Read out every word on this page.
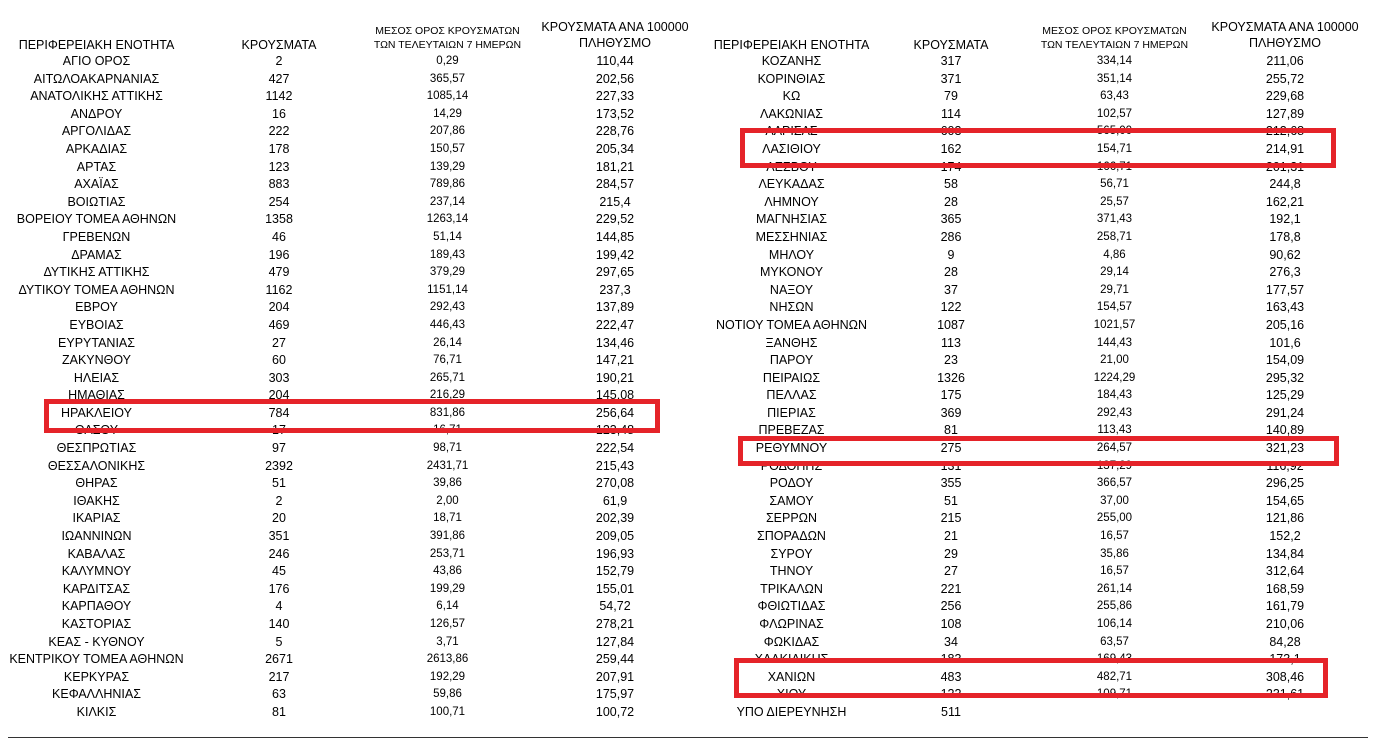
ΠΕΡΙΦΕΡΕΙΑΚΗ ΕΝΟΤΗΤΑ	ΚΡΟΥΣΜΑΤΑ
ΜΕΣΟΣ ΟΡΟΣ ΚΡΟΥΣΜΑΤΩΝ
ΤΩΝ ΤΕΛΕΥΤΑΙΩΝ 7 ΗΜΕΡΩΝ
ΚΡΟΥΣΜΑΤΑ ΑΝΑ 100000
ΠΛΗΘΥΣΜΟ
ΑΓΙΟ ΟΡΟΣ	2	0,29	110,44
ΑΙΤΩΛΟΑΚΑΡΝΑΝΙΑΣ	427	365,57	202,56
ΑΝΑΤΟΛΙΚΗΣ ΑΤΤΙΚΗΣ	1142	1085,14	227,33
ΑΝΔΡΟΥ	16	14,29	173,52
ΑΡΓΟΛΙΔΑΣ	222	207,86	228,76
ΑΡΚΑΔΙΑΣ	178	150,57	205,34
ΑΡΤΑΣ	123	139,29	181,21
ΑΧΑΪΑΣ	883	789,86	284,57
ΒΟΙΩΤΙΑΣ	254	237,14	215,4
ΒΟΡΕΙΟΥ ΤΟΜΕΑ ΑΘΗΝΩΝ	1358	1263,14	229,52
ΓΡΕΒΕΝΩΝ	46	51,14	144,85
ΔΡΑΜΑΣ	196	189,43	199,42
ΔΥΤΙΚΗΣ ΑΤΤΙΚΗΣ	479	379,29	297,65
ΔΥΤΙΚΟΥ ΤΟΜΕΑ ΑΘΗΝΩΝ	1162	1151,14	237,3
ΕΒΡΟΥ	204	292,43	137,89
ΕΥΒΟΙΑΣ	469	446,43	222,47
ΕΥΡΥΤΑΝΙΑΣ	27	26,14	134,46
ΖΑΚΥΝΘΟΥ	60	76,71	147,21
ΗΛΕΙΑΣ	303	265,71	190,21
ΗΜΑΘΙΑΣ	204	216,29	145,08
ΗΡΑΚΛΕΙΟΥ	784	831,86	256,64
ΘΑΣΟΥ	17	16,71	123,48
ΘΕΣΠΡΩΤΙΑΣ	97	98,71	222,54
ΘΕΣΣΑΛΟΝΙΚΗΣ	2392	2431,71	215,43
ΘΗΡΑΣ	51	39,86	270,08
ΙΘΑΚΗΣ	2	2,00	61,9
ΙΚΑΡΙΑΣ	20	18,71	202,39
ΙΩΑΝΝΙΝΩΝ	351	391,86	209,05
ΚΑΒΑΛΑΣ	246	253,71	196,93
ΚΑΛΥΜΝΟΥ	45	43,86	152,79
ΚΑΡΔΙΤΣΑΣ	176	199,29	155,01
ΚΑΡΠΑΘΟΥ	4	6,14	54,72
ΚΑΣΤΟΡΙΑΣ	140	126,57	278,21
ΚΕΑΣ - ΚΥΘΝΟΥ	5	3,71	127,84
ΚΕΝΤΡΙΚΟΥ ΤΟΜΕΑ ΑΘΗΝΩΝ	2671	2613,86	259,44
ΚΕΡΚΥΡΑΣ	217	192,29	207,91
ΚΕΦΑΛΛΗΝΙΑΣ	63	59,86	175,97
ΚΙΛΚΙΣ	81	100,71	100,72
ΠΕΡΙΦΕΡΕΙΑΚΗ ΕΝΟΤΗΤΑ	ΚΡΟΥΣΜΑΤΑ
ΜΕΣΟΣ ΟΡΟΣ ΚΡΟΥΣΜΑΤΩΝ
ΤΩΝ ΤΕΛΕΥΤΑΙΩΝ 7 ΗΜΕΡΩΝ
ΚΡΟΥΣΜΑΤΑ ΑΝΑ 100000
ΠΛΗΘΥΣΜΟ
ΚΟΖΑΝΗΣ	317	334,14	211,06
ΚΟΡΙΝΘΙΑΣ	371	351,14	255,72
ΚΩ	79	63,43	229,68
ΛΑΚΩΝΙΑΣ	114	102,57	127,89
ΛΑΡΙΣΑΣ	603	565,00	212,68
ΛΑΣΙΘΙΟΥ	162	154,71	214,91
ΛΕΣΒΟΥ	174	166,71	201,31
ΛΕΥΚΑΔΑΣ	58	56,71	244,8
ΛΗΜΝΟΥ	28	25,57	162,21
ΜΑΓΝΗΣΙΑΣ	365	371,43	192,1
ΜΕΣΣΗΝΙΑΣ	286	258,71	178,8
ΜΗΛΟΥ	9	4,86	90,62
ΜΥΚΟΝΟΥ	28	29,14	276,3
ΝΑΞΟΥ	37	29,71	177,57
ΝΗΣΩΝ	122	154,57	163,43
ΝΟΤΙΟΥ ΤΟΜΕΑ ΑΘΗΝΩΝ	1087	1021,57	205,16
ΞΑΝΘΗΣ	113	144,43	101,6
ΠΑΡΟΥ	23	21,00	154,09
ΠΕΙΡΑΙΩΣ	1326	1224,29	295,32
ΠΕΛΛΑΣ	175	184,43	125,29
ΠΙΕΡΙΑΣ	369	292,43	291,24
ΠΡΕΒΕΖΑΣ	81	113,43	140,89
ΡΕΘΥΜΝΟΥ	275	264,57	321,23
ΡΟΔΟΠΗΣ	131	137,29	116,92
ΡΟΔΟΥ	355	366,57	296,25
ΣΑΜΟΥ	51	37,00	154,65
ΣΕΡΡΩΝ	215	255,00	121,86
ΣΠΟΡΑΔΩΝ	21	16,57	152,2
ΣΥΡΟΥ	29	35,86	134,84
ΤΗΝΟΥ	27	16,57	312,64
ΤΡΙΚΑΛΩΝ	221	261,14	168,59
ΦΘΙΩΤΙΔΑΣ	256	255,86	161,79
ΦΛΩΡΙΝΑΣ	108	106,14	210,06
ΦΩΚΙΔΑΣ	34	63,57	84,28
ΧΑΛΚΙΔΙΚΗΣ	183	169,43	173,1
ΧΑΝΙΩΝ	483	482,71	308,46
ΧΙΟΥ	122	109,71	231,61
ΥΠΟ ΔΙΕΡΕΥΝΗΣΗ	511
